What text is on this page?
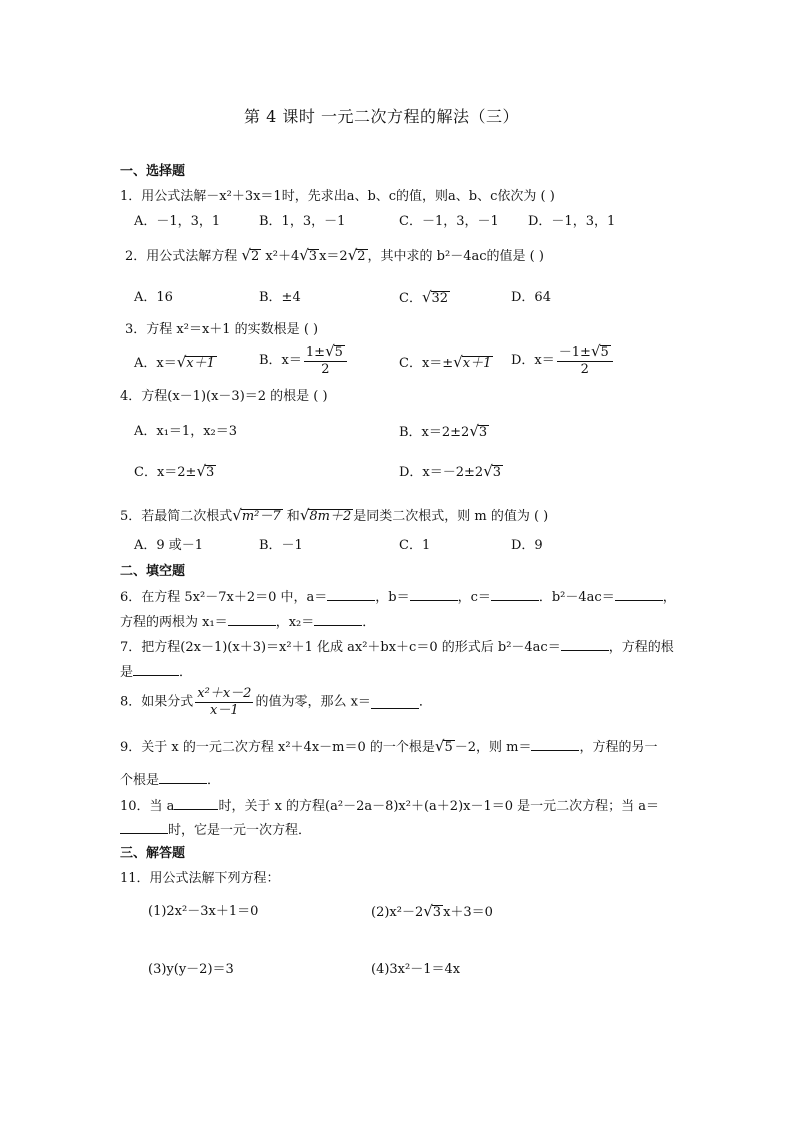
第 4 课时 一元二次方程的解法（三）
一、选择题
1．用公式法解－x²＋3x＝1时，先求出a、b、c的值，则a、b、c依次为 ( )
A．－1，3，1	B．1，3，－1	C．－1，3，－1 D．－1，3，1
2．用公式法解方程 √2 x²＋4√3 x＝2√2 ，其中求的 b²－4ac的值是 ( )
A．16	B．±4	C．√32	D．64
3．方程 x²＝x＋1 的实数根是 ( )
A．x＝√x＋1	B．$x= \frac{1\pm√5}{2}$	C．x＝±√x＋1 D．$x= \frac{-1\pm√5}{2}$
4．方程(x－1)(x－3)＝2 的根是 ( )
A．x₁＝1，x₂＝3	B．x＝2±2√3
C．x＝2±√3	D．x＝－2±2√3
5．若最简二次根式√m²－7 和√8m＋2 是同类二次根式，则 m 的值为 ( )
A．9 或－1	B．－1	C．1	D．9
二、填空题
6．在方程 5x²－7x＋2＝0 中，a＝	，b＝	，c＝	．b²－4ac＝	，
方程的两根为 x₁＝	，x₂＝	．
7．把方程(2x－1)(x＋3)＝x²＋1 化成 ax²＋bx＋c＝0 的形式后 b²－4ac＝	，方程的根
是	．
8．如果分式 $\frac{\text{x²＋x－2}}{x-1}$ 的值为零，那么 x＝	．
9．关于 x 的一元二次方程 x²＋4x－m＝0 的一个根是√5 －2，则 m＝	，方程的另一
个根是	．
10．当 a	时，关于 x 的方程(a²－2a－8)x²＋(a＋2)x－1＝0 是一元二次方程；当 a＝
时，它是一元一次方程．
三、解答题
11．用公式法解下列方程：
(1)2x²－3x＋1＝0	(2)x²－2√3 x＋3＝0
(3)y(y－2)＝3	(4)3x²－1＝4x
